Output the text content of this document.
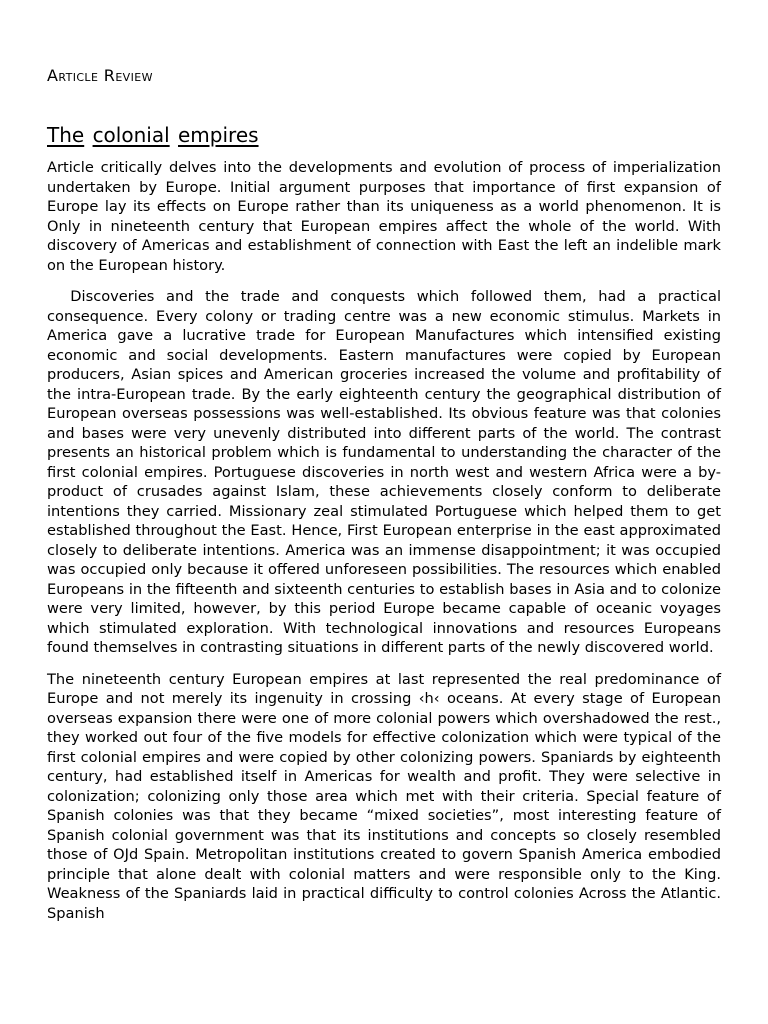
Article Review
The colonial empires

Article critically delves into the developments and evolution of process of imperialization undertaken by Europe. Initial argument purposes that importance of first expansion of Europe lay its effects on Europe rather than its uniqueness as a world phenomenon. It is Only in nineteenth century that European empires affect the whole of the world. With discovery of Americas and establishment of connection with East the left an indelible mark on the European history.

Discoveries and the trade and conquests which followed them, had a practical consequence. Every colony or trading centre was a new economic stimulus. Markets in America gave a lucrative trade for European Manufactures which intensified existing economic and social developments. Eastern manufactures were copied by European producers, Asian spices and American groceries increased the volume and profitability of the intra-European trade. By the early eighteenth century the geographical distribution of European overseas possessions was well-established. Its obvious feature was that colonies and bases were very unevenly distributed into different parts of the world. The contrast presents an historical problem which is fundamental to understanding the character of the first colonial empires. Portuguese discoveries in north west and western Africa were a by- product of crusades against Islam, these achievements closely conform to deliberate intentions they carried. Missionary zeal stimulated Portuguese which helped them to get established throughout the East. Hence, First European enterprise in the east approximated closely to deliberate intentions. America was an immense disappointment; it was occupied was occupied only because it offered unforeseen possibilities. The resources which enabled Europeans in the fifteenth and sixteenth centuries to establish bases in Asia and to colonize were very limited, however, by this period Europe became capable of oceanic voyages which stimulated exploration. With technological innovations and resources Europeans found themselves in contrasting situations in different parts of the newly discovered world.

The nineteenth century European empires at last represented the real predominance of Europe and not merely its ingenuity in crossing ‹h‹ oceans. At every stage of European overseas expansion there were one of more colonial powers which overshadowed the rest., they worked out four of the five models for effective colonization which were typical of the first colonial empires and were copied by other colonizing powers. Spaniards by eighteenth century, had established itself in Americas for wealth and profit. They were selective in colonization; colonizing only those area which met with their criteria. Special feature of Spanish colonies was that they became “mixed societies”, most interesting feature of Spanish colonial government was that its institutions and concepts so closely resembled those of OJd Spain. Metropolitan institutions created to govern Spanish America embodied principle that alone dealt with colonial matters and were responsible only to the King. Weakness of the Spaniards laid in practical difficulty to control colonies Across the Atlantic. Spanish
